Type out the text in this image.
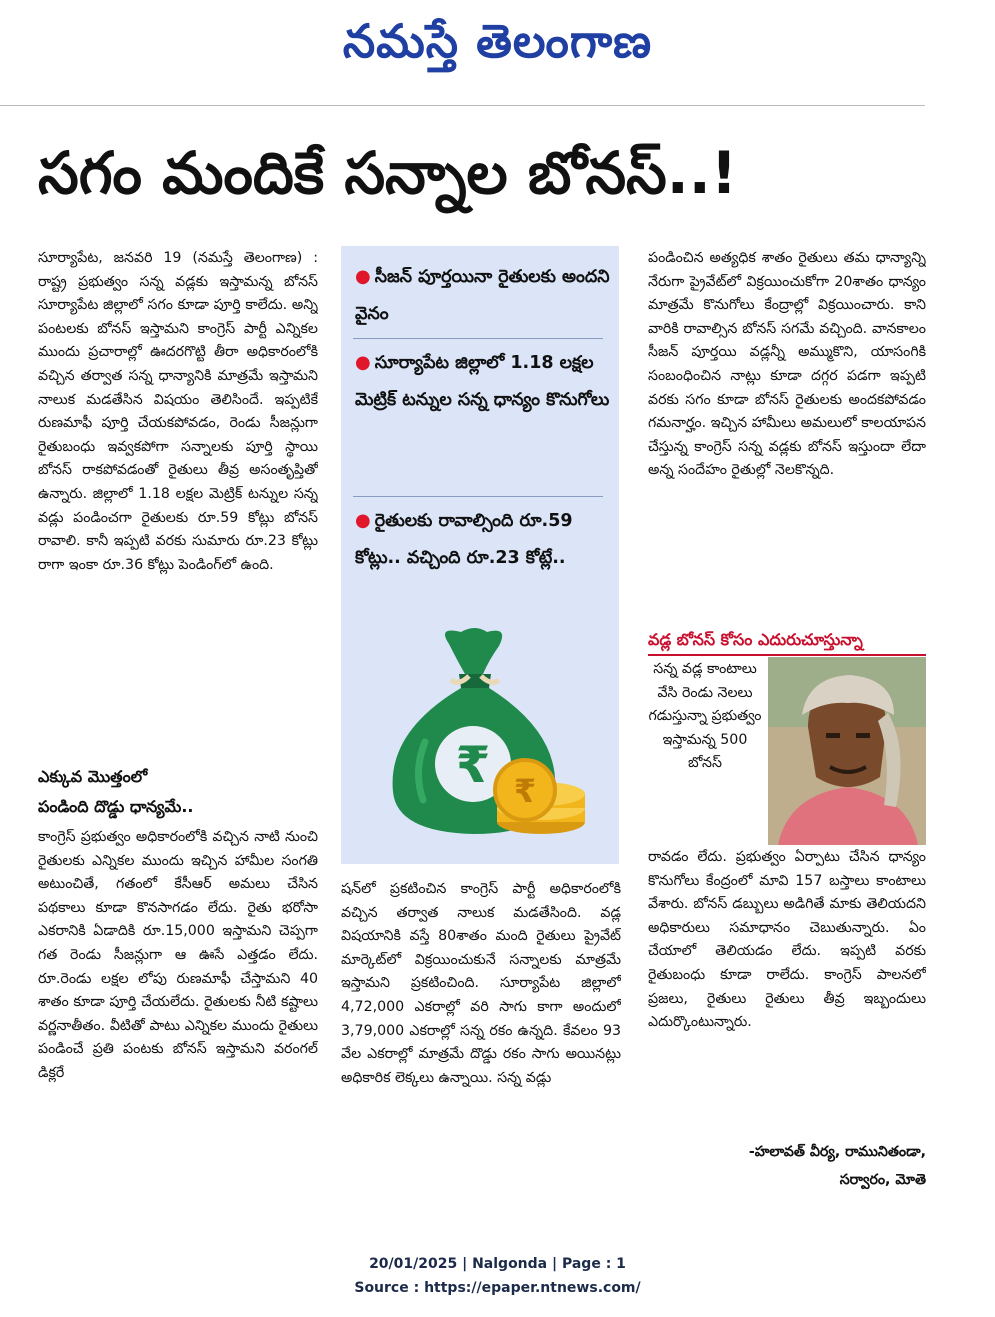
నమస్తే తెలంగాణ
సగం మందికే సన్నాల బోనస్..!

సూర్యాపేట, జనవరి 19 (నమస్తే తెలంగాణ) : రాష్ట్ర ప్రభుత్వం సన్న వడ్లకు ఇస్తామన్న బోనస్ సూర్యాపేట జిల్లాలో సగం కూడా పూర్తి కాలేదు. అన్ని పంటలకు బోనస్ ఇస్తామని కాంగ్రెస్ పార్టీ ఎన్నికల ముందు ప్రచారాల్లో ఊదరగొట్టి తీరా అధికారంలోకి వచ్చిన తర్వాత సన్న ధాన్యానికి మాత్రమే ఇస్తామని నాలుక మడతేసిన విషయం తెలిసిందే. ఇప్పటికే రుణమాఫీ పూర్తి చేయకపోవడం, రెండు సీజన్లుగా రైతుబంధు ఇవ్వకపోగా సన్నాలకు పూర్తి స్థాయి బోనస్ రాకపోవడంతో రైతులు తీవ్ర అసంతృప్తితో ఉన్నారు. జిల్లాలో 1.18 లక్షల మెట్రిక్ టన్నుల సన్న వడ్లు పండించగా రైతులకు రూ.59 కోట్లు బోనస్ రావాలి. కానీ ఇప్పటి వరకు సుమారు రూ.23 కోట్లు రాగా ఇంకా రూ.36 కోట్లు పెండింగ్‌లో ఉంది.

ఎక్కువ మొత్తంలో
పండింది దొడ్డు ధాన్యమే..

కాంగ్రెస్ ప్రభుత్వం అధికారంలోకి వచ్చిన నాటి నుంచి రైతులకు ఎన్నికల ముందు ఇచ్చిన హామీల సంగతి అటుంచితే, గతంలో కేసీఆర్ అమలు చేసిన పథకాలు కూడా కొనసాగడం లేదు. రైతు భరోసా ఎకరానికి ఏడాదికి రూ.15,000 ఇస్తామని చెప్పగా గత రెండు సీజన్లుగా ఆ ఊసే ఎత్తడం లేదు. రూ.రెండు లక్షల లోపు రుణమాఫీ చేస్తామని 40 శాతం కూడా పూర్తి చేయలేదు. రైతులకు నీటి కష్టాలు వర్ణనాతీతం. వీటితో పాటు ఎన్నికల ముందు రైతులు పండించే ప్రతి పంటకు బోనస్ ఇస్తామని వరంగల్ డిక్లరే

● సీజన్ పూర్తయినా రైతులకు అందని వైనం
● సూర్యాపేట జిల్లాలో 1.18 లక్షల మెట్రిక్ టన్నుల సన్న ధాన్యం కొనుగోలు
● రైతులకు రావాల్సింది రూ.59 కోట్లు.. వచ్చింది రూ.23 కోట్లే..
₹ ₹

షన్‌లో ప్రకటించిన కాంగ్రెస్ పార్టీ అధికారంలోకి వచ్చిన తర్వాత నాలుక మడతేసింది. వడ్ల విషయానికి వస్తే 80శాతం మంది రైతులు ప్రైవేట్ మార్కెట్‌లో విక్రయించుకునే సన్నాలకు మాత్రమే ఇస్తామని ప్రకటించింది. సూర్యాపేట జిల్లాలో 4,72,000 ఎకరాల్లో వరి సాగు కాగా అందులో 3,79,000 ఎకరాల్లో సన్న రకం ఉన్నది. కేవలం 93 వేల ఎకరాల్లో మాత్రమే దొడ్డు రకం సాగు అయినట్లు అధికారిక లెక్కలు ఉన్నాయి. సన్న వడ్లు

పండించిన అత్యధిక శాతం రైతులు తమ ధాన్యాన్ని నేరుగా ప్రైవేట్‌లో విక్రయించుకోగా 20శాతం ధాన్యం మాత్రమే కొనుగోలు కేంద్రాల్లో విక్రయించారు. కాని వారికి రావాల్సిన బోనస్ సగమే వచ్చింది. వానకాలం సీజన్ పూర్తయి వడ్లన్నీ అమ్ముకొని, యాసంగికి సంబంధించిన నాట్లు కూడా దగ్గర పడగా ఇప్పటి వరకు సగం కూడా బోనస్ రైతులకు అందకపోవడం గమనార్హం. ఇచ్చిన హామీలు అమలులో కాలయాపన చేస్తున్న కాంగ్రెస్ సన్న వడ్లకు బోనస్ ఇస్తుందా లేదా అన్న సందేహం రైతుల్లో నెలకొన్నది.

వడ్ల బోనస్ కోసం ఎదురుచూస్తున్నా

సన్న వడ్ల కాంటాలు వేసి రెండు నెలలు గడుస్తున్నా ప్రభుత్వం ఇస్తామన్న 500 బోనస్

రావడం లేదు. ప్రభుత్వం ఏర్పాటు చేసిన ధాన్యం కొనుగోలు కేంద్రంలో మావి 157 బస్తాలు కాంటాలు వేశారు. బోనస్ డబ్బులు అడిగితే మాకు తెలియదని అధికారులు సమాధానం చెబుతున్నారు. ఏం చేయాలో తెలియడం లేదు. ఇప్పటి వరకు రైతుబంధు కూడా రాలేదు. కాంగ్రెస్ పాలనలో ప్రజలు, రైతులు రైతులు తీవ్ర ఇబ్బందులు ఎదుర్కొంటున్నారు.

-హలావత్ వీర్య, రామునితండా,
సర్వారం, మోతె
20/01/2025 | Nalgonda | Page : 1
Source : https://epaper.ntnews.com/
